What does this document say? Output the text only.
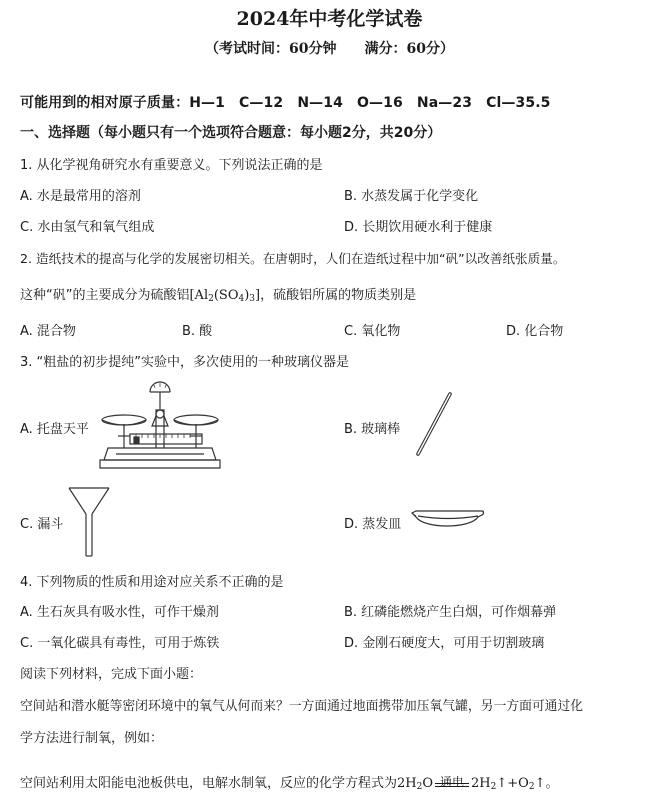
2024年中考化学试卷
（考试时间：60分钟　　满分：60分）
可能用到的相对原子质量：H—1　C—12　N—14　O—16　Na—23　Cl—35.5
一、选择题（每小题只有一个选项符合题意：每小题2分，共20分）
1. 从化学视角研究水有重要意义。下列说法正确的是
A. 水是最常用的溶剂	B. 水蒸发属于化学变化
C. 水由氢气和氧气组成	D. 长期饮用硬水利于健康
2. 造纸技术的提高与化学的发展密切相关。在唐朝时，人们在造纸过程中加“矾”以改善纸张质量。
这种“矾”的主要成分为硫酸铝$[Al_2(SO_4)_3]$，硫酸铝所属的物质类别是
A. 混合物	B. 酸	C. 氧化物	D. 化合物
3. “粗盐的初步提纯”实验中，多次使用的一种玻璃仪器是
A. 托盘天平	B. 玻璃棒
C. 漏斗	D. 蒸发皿
4. 下列物质的性质和用途对应关系不正确的是
A. 生石灰具有吸水性，可作干燥剂	B. 红磷能燃烧产生白烟，可作烟幕弹
C. 一氧化碳具有毒性，可用于炼铁	D. 金刚石硬度大，可用于切割玻璃
阅读下列材料，完成下面小题：
空间站和潜水艇等密闭环境中的氧气从何而来？一方面通过地面携带加压氧气罐，另一方面可通过化
学方法进行制氧，例如：
空间站利用太阳能电池板供电，电解水制氧，反应的化学方程式为$2H_2O$ 通电 $2H_2↑+O_2↑$。
